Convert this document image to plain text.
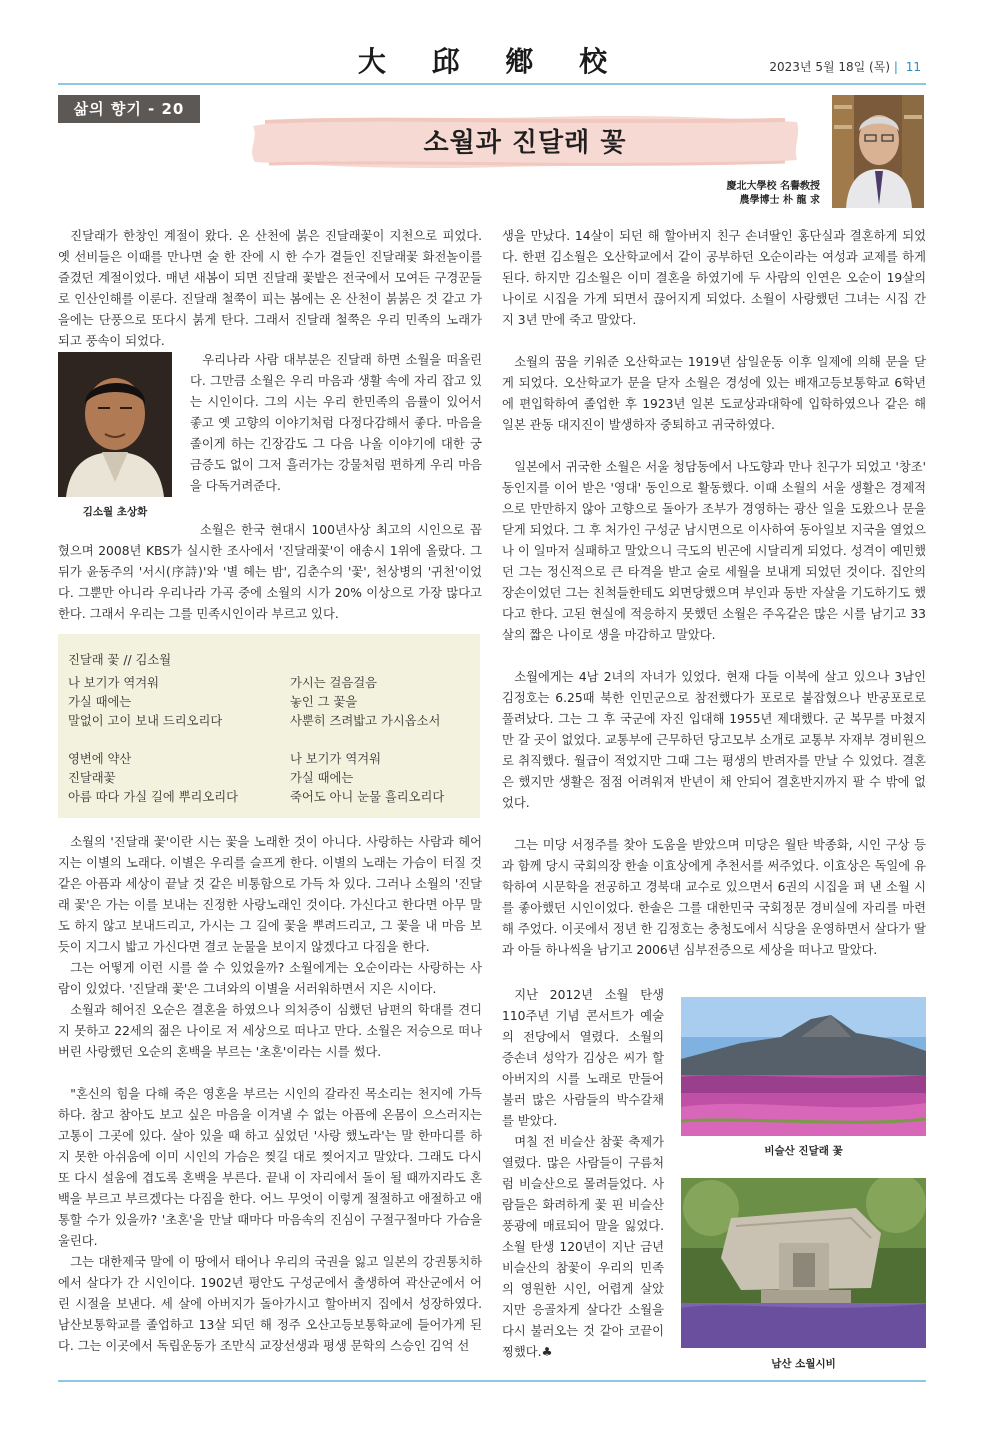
大 邱 鄕 校	2023년 5월 18일 (목) | 11
삶의 향기 - 20
소월과 진달래 꽃
慶北大學校 名譽敎授
農學博士 朴 龍 求

진달래가 한창인 계절이 왔다. 온 산천에 붉은 진달래꽃이 지천으로 피었다. 옛 선비들은 이때를 만나면 술 한 잔에 시 한 수가 곁들인 진달래꽃 화전놀이를 즐겼던 계절이었다. 매년 새봄이 되면 진달래 꽃밭은 전국에서 모여든 구경꾼들로 인산인해를 이룬다. 진달래 철쭉이 피는 봄에는 온 산천이 붉붉은 것 같고 가을에는 단풍으로 또다시 붉게 탄다. 그래서 진달래 철쭉은 우리 민족의 노래가 되고 풍속이 되었다.

김소월 초상화

우리나라 사람 대부분은 진달래 하면 소월을 떠올린다. 그만큼 소월은 우리 마음과 생활 속에 자리 잡고 있는 시인이다. 그의 시는 우리 한민족의 음률이 있어서 좋고 옛 고향의 이야기처럼 다정다감해서 좋다. 마음을 졸이게 하는 긴장감도 그 다음 나올 이야기에 대한 궁금증도 없이 그저 흘러가는 강물처럼 편하게 우리 마음을 다독거려준다.

소월은 한국 현대시 100년사상 최고의 시인으로 꼽혔으며 2008년 KBS가 실시한 조사에서 '진달래꽃'이 애송시 1위에 올랐다. 그 뒤가 윤동주의 '서시(序詩)'와 '별 헤는 밤', 김춘수의 '꽃', 천상병의 '귀천'이었다. 그뿐만 아니라 우리나라 가곡 중에 소월의 시가 20% 이상으로 가장 많다고 한다. 그래서 우리는 그를 민족시인이라 부르고 있다.

진달래 꽃 // 김소월
나 보기가 역겨워
가실 때에는
말없이 고이 보내 드리오리다
영변에 약산
진달래꽃
아름 따다 가실 길에 뿌리오리다
가시는 걸음걸음
놓인 그 꽃을
사뿐히 즈려밟고 가시옵소서
나 보기가 역겨워
가실 때에는
죽어도 아니 눈물 흘리오리다

소월의 '진달래 꽃'이란 시는 꽃을 노래한 것이 아니다. 사랑하는 사람과 헤어지는 이별의 노래다. 이별은 우리를 슬프게 한다. 이별의 노래는 가슴이 터질 것 같은 아픔과 세상이 끝날 것 같은 비통함으로 가득 차 있다. 그러나 소월의 '진달래 꽃'은 가는 이를 보내는 진정한 사랑노래인 것이다. 가신다고 한다면 아무 말도 하지 않고 보내드리고, 가시는 그 길에 꽃을 뿌려드리고, 그 꽃을 내 마음 보듯이 지그시 밟고 가신다면 결코 눈물을 보이지 않겠다고 다짐을 한다.

그는 어떻게 이런 시를 쓸 수 있었을까? 소월에게는 오순이라는 사랑하는 사람이 있었다. '진달래 꽃'은 그녀와의 이별을 서러워하면서 지은 시이다.

소월과 헤어진 오순은 결혼을 하였으나 의처증이 심했던 남편의 학대를 견디지 못하고 22세의 젊은 나이로 저 세상으로 떠나고 만다. 소월은 저승으로 떠나버린 사랑했던 오순의 혼백을 부르는 '초혼'이라는 시를 썼다.

"혼신의 힘을 다해 죽은 영혼을 부르는 시인의 갈라진 목소리는 천지에 가득하다. 참고 참아도 보고 싶은 마음을 이겨낼 수 없는 아픔에 온몸이 으스러지는 고통이 그곳에 있다. 살아 있을 때 하고 싶었던 '사랑 했노라'는 말 한마디를 하지 못한 아쉬움에 이미 시인의 가슴은 찢길 대로 찢어지고 말았다. 그래도 다시 또 다시 설움에 겹도록 혼백을 부른다. 끝내 이 자리에서 돌이 될 때까지라도 혼백을 부르고 부르겠다는 다짐을 한다. 어느 무엇이 이렇게 절절하고 애절하고 애통할 수가 있을까? '초혼'을 만날 때마다 마음속의 진심이 구절구절마다 가슴을 울린다.

그는 대한제국 말에 이 땅에서 태어나 우리의 국권을 잃고 일본의 강권통치하에서 살다가 간 시인이다. 1902년 평안도 구성군에서 출생하여 곽산군에서 어린 시절을 보낸다. 세 살에 아버지가 돌아가시고 할아버지 집에서 성장하였다. 남산보통학교를 졸업하고 13살 되던 해 정주 오산고등보통학교에 들어가게 된다. 그는 이곳에서 독립운동가 조만식 교장선생과 평생 문학의 스승인 김억 선

생을 만났다. 14살이 되던 해 할아버지 친구 손녀딸인 홍단실과 결혼하게 되었다. 한편 김소월은 오산학교에서 같이 공부하던 오순이라는 여성과 교제를 하게 된다. 하지만 김소월은 이미 결혼을 하였기에 두 사람의 인연은 오순이 19살의 나이로 시집을 가게 되면서 끊어지게 되었다. 소월이 사랑했던 그녀는 시집 간 지 3년 만에 죽고 말았다.

소월의 꿈을 키워준 오산학교는 1919년 삼일운동 이후 일제에 의해 문을 닫게 되었다. 오산학교가 문을 닫자 소월은 경성에 있는 배재고등보통학교 6학년에 편입학하여 졸업한 후 1923년 일본 도쿄상과대학에 입학하였으나 같은 해 일본 관동 대지진이 발생하자 중퇴하고 귀국하였다.

일본에서 귀국한 소월은 서울 청담동에서 나도향과 만나 친구가 되었고 '창조' 동인지를 이어 받은 '영대' 동인으로 활동했다. 이때 소월의 서울 생활은 경제적으로 만만하지 않아 고향으로 돌아가 조부가 경영하는 광산 일을 도왔으나 문을 닫게 되었다. 그 후 처가인 구성군 남시면으로 이사하여 동아일보 지국을 열었으나 이 일마저 실패하고 말았으니 극도의 빈곤에 시달리게 되었다. 성격이 예민했던 그는 정신적으로 큰 타격을 받고 술로 세월을 보내게 되었던 것이다. 집안의 장손이었던 그는 친척들한테도 외면당했으며 부인과 동반 자살을 기도하기도 했다고 한다. 고된 현실에 적응하지 못했던 소월은 주옥같은 많은 시를 남기고 33살의 짧은 나이로 생을 마감하고 말았다.

소월에게는 4남 2녀의 자녀가 있었다. 현재 다들 이북에 살고 있으나 3남인 김정호는 6.25때 북한 인민군으로 참전했다가 포로로 붙잡혔으나 반공포로로 풀려났다. 그는 그 후 국군에 자진 입대해 1955년 제대했다. 군 복무를 마쳤지만 갈 곳이 없었다. 교통부에 근무하던 당고모부 소개로 교통부 자재부 경비원으로 취직했다. 월급이 적었지만 그때 그는 평생의 반려자를 만날 수 있었다. 결혼은 했지만 생활은 점점 어려워져 반년이 채 안되어 결혼반지까지 팔 수 밖에 없었다.

그는 미당 서정주를 찾아 도움을 받았으며 미당은 월탄 박종화, 시인 구상 등과 함께 당시 국회의장 한솔 이효상에게 추천서를 써주었다. 이효상은 독일에 유학하여 시문학을 전공하고 경북대 교수로 있으면서 6권의 시집을 펴 낸 소월 시를 좋아했던 시인이었다. 한솔은 그를 대한민국 국회정문 경비실에 자리를 마련해 주었다. 이곳에서 정년 한 김정호는 충청도에서 식당을 운영하면서 살다가 딸과 아들 하나씩을 남기고 2006년 심부전증으로 세상을 떠나고 말았다.

지난 2012년 소월 탄생 110주년 기념 콘서트가 예술의 전당에서 열렸다. 소월의 증손녀 성악가 김상은 씨가 할아버지의 시를 노래로 만들어 불러 많은 사람들의 박수갈채를 받았다.

며칠 전 비슬산 참꽃 축제가 열렸다. 많은 사람들이 구름처럼 비슬산으로 몰려들었다. 사람들은 화려하게 꽃 핀 비슬산 풍광에 매료되어 말을 잃었다. 소월 탄생 120년이 지난 금년 비슬산의 참꽃이 우리의 민족의 영원한 시인, 어렵게 살았지만 응골차게 살다간 소월을 다시 불러오는 것 같아 코끝이 찡했다.♣

비슬산 진달래 꽃
남산 소월시비
